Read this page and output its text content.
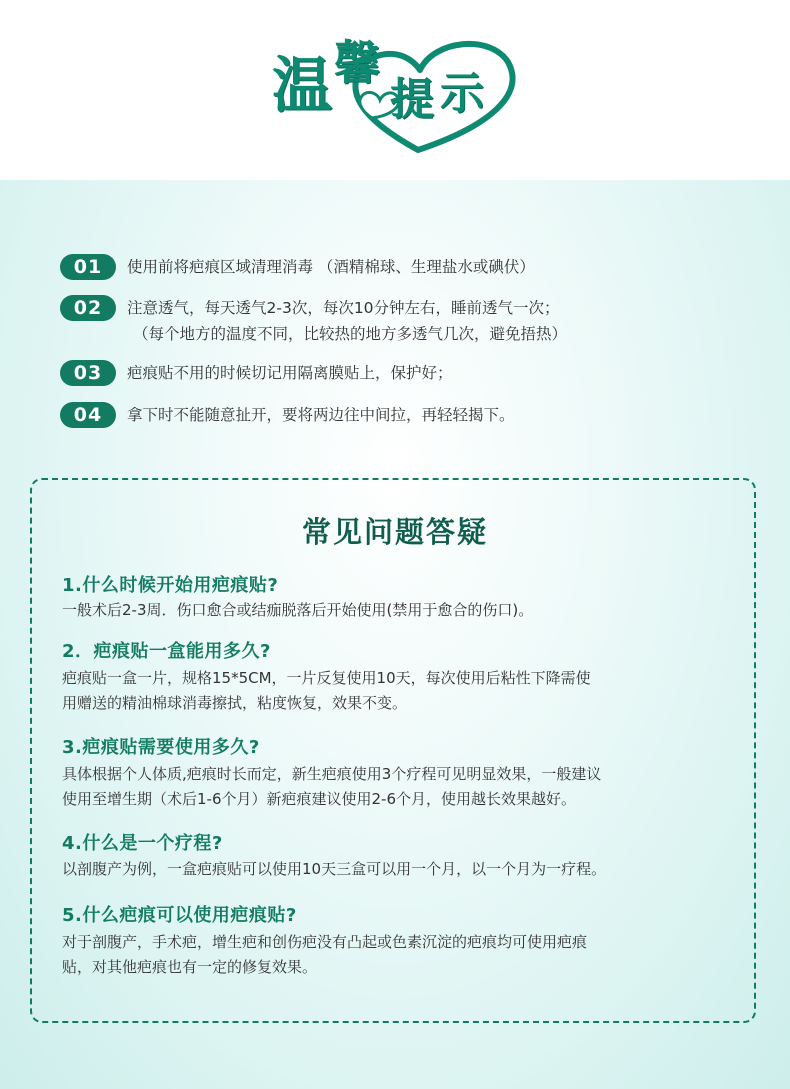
温 馨
提 示
01	使用前将疤痕区域清理消毒 （酒精棉球、生理盐水或碘伏）
02	注意透气，每天透气2-3次，每次10分钟左右，睡前透气一次；
（每个地方的温度不同，比较热的地方多透气几次，避免捂热）
03	疤痕贴不用的时候切记用隔离膜贴上，保护好；
04	拿下时不能随意扯开，要将两边往中间拉，再轻轻揭下。
常见问题答疑
1.什么时候开始用疤痕贴?
一般术后2-3周．伤口愈合或结痂脱落后开始使用(禁用于愈合的伤口)。
2．疤痕贴一盒能用多久?
疤痕贴一盒一片，规格15*5CM，一片反复使用10天，每次使用后粘性下降需使
用赠送的精油棉球消毒擦拭，粘度恢复，效果不变。
3.疤痕贴需要使用多久?
具体根据个人体质,疤痕时长而定，新生疤痕使用3个疗程可见明显效果，一般建议
使用至增生期（术后1-6个月）新疤痕建议使用2-6个月，使用越长效果越好。
4.什么是一个疗程?
以剖腹产为例，一盒疤痕贴可以使用10天三盒可以用一个月，以一个月为一疗程。
5.什么疤痕可以使用疤痕贴?
对于剖腹产，手术疤，增生疤和创伤疤没有凸起或色素沉淀的疤痕均可使用疤痕
贴，对其他疤痕也有一定的修复效果。
